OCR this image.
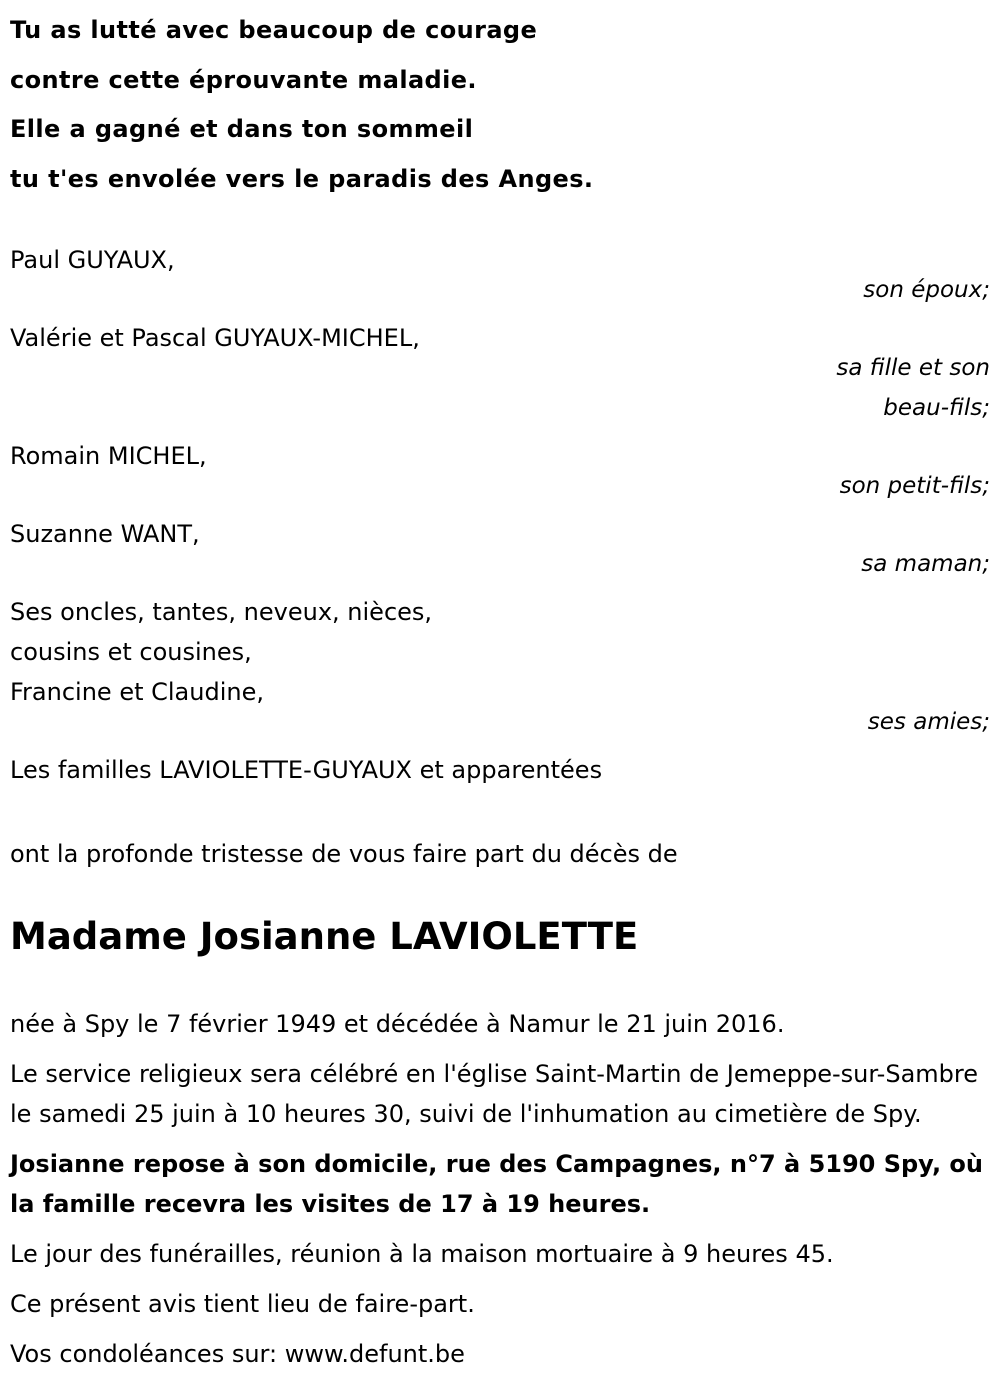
Tu as lutté avec beaucoup de courage
contre cette éprouvante maladie.
Elle a gagné et dans ton sommeil
tu t'es envolée vers le paradis des Anges.
Paul GUYAUX,
son époux;
Valérie et Pascal GUYAUX-MICHEL,
sa fille et son beau-fils;
Romain MICHEL,
son petit-fils;
Suzanne WANT,
sa maman;
Ses oncles, tantes, neveux, nièces,
cousins et cousines,
Francine et Claudine,
ses amies;
Les familles LAVIOLETTE-GUYAUX et apparentées
ont la profonde tristesse de vous faire part du décès de
Madame Josianne LAVIOLETTE
née à Spy le 7 février 1949 et décédée à Namur le 21 juin 2016.
Le service religieux sera célébré en l'église Saint-Martin de Jemeppe-sur-Sambre le samedi 25 juin à 10 heures 30, suivi de l'inhumation au cimetière de Spy.
Josianne repose à son domicile, rue des Campagnes, n°7 à 5190 Spy, où la famille recevra les visites de 17 à 19 heures.
Le jour des funérailles, réunion à la maison mortuaire à 9 heures 45.
Ce présent avis tient lieu de faire-part.
Vos condoléances sur: www.defunt.be
